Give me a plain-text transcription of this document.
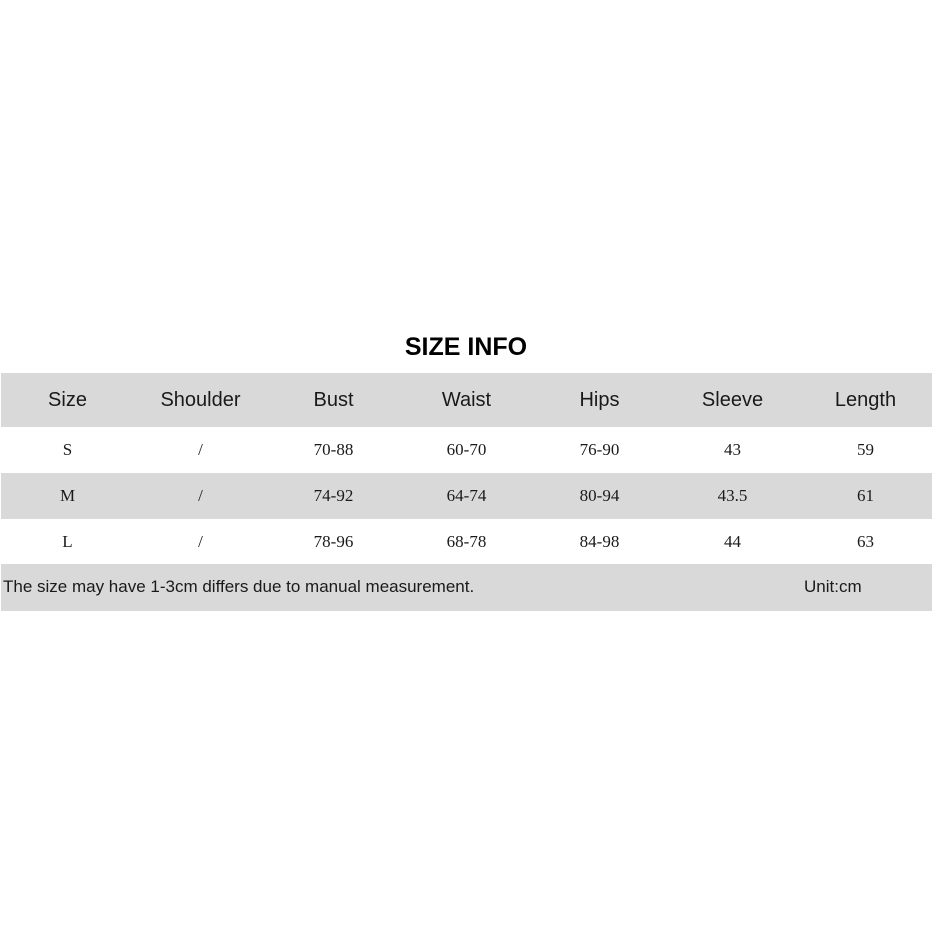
SIZE INFO
Size	Shoulder	Bust	Waist	Hips	Sleeve	Length
S	/	70-88	60-70	76-90	43	59
M	/	74-92	64-74	80-94	43.5	61
L	/	78-96	68-78	84-98	44	63
The size may have 1-3cm differs due to manual measurement.	Unit:cm
